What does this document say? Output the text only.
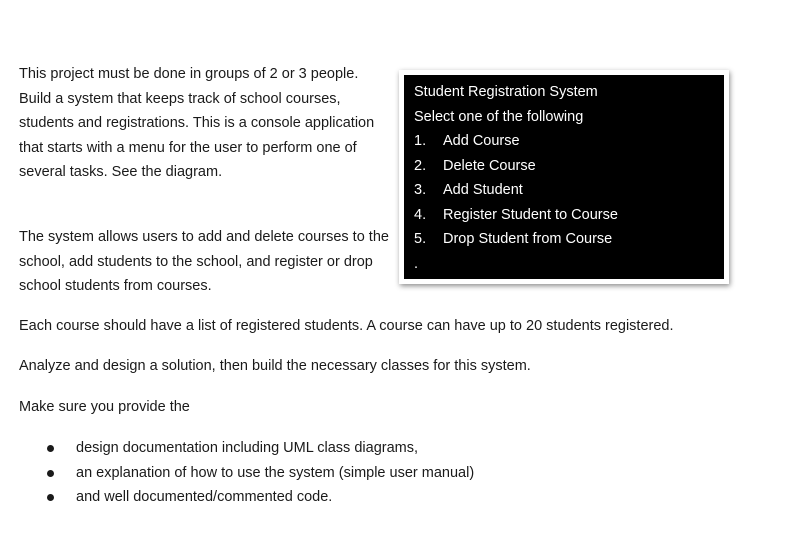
This project must be done in groups of 2 or 3 people. Build a system that keeps track of school courses, students and registrations. This is a console application that starts with a menu for the user to perform one of several tasks. See the diagram.

The system allows users to add and delete courses to the school, add students to the school, and register or drop school students from courses.

Student Registration System
Select one of the following
1. Add Course
2. Delete Course
3. Add Student
4. Register Student to Course
5. Drop Student from Course
.

Each course should have a list of registered students. A course can have up to 20 students registered.

Analyze and design a solution, then build the necessary classes for this system.

Make sure you provide the

design documentation including UML class diagrams,
an explanation of how to use the system (simple user manual)
and well documented/commented code.
